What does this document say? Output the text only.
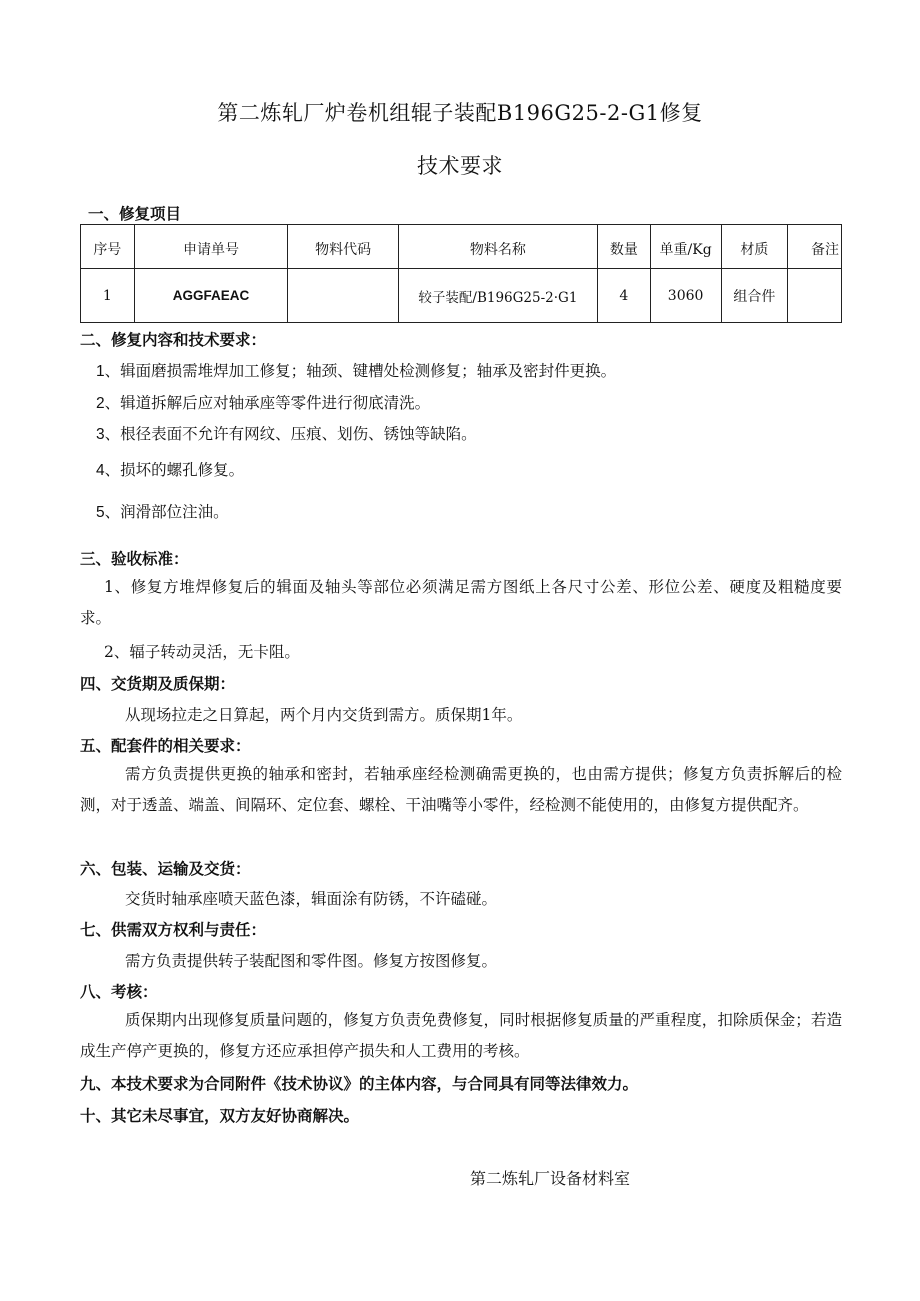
第二炼轧厂炉卷机组辊子装配B196G25-2-G1修复
技术要求
一、修复项目
序号	申请单号	物料代码	物料名称	数量	单重/Kg	材质	备注
1	AGGFAEAC		较子装配/B196G25-2·G1	4	3060	组合件	
二、修复内容和技术要求：
1、辑面磨损需堆焊加工修复；轴颈、键槽处检测修复；轴承及密封件更换。
2、辑道拆解后应对轴承座等零件进行彻底清洗。
3、根径表面不允许有网纹、压痕、划伤、锈蚀等缺陷。
4、损坏的螺孔修复。
5、润滑部位注油。
三、验收标准：
1、修复方堆焊修复后的辑面及轴头等部位必须满足需方图纸上各尺寸公差、形位公差、硬度及粗糙度要求。
2、辐子转动灵活，无卡阻。
四、交货期及质保期：
从现场拉走之日算起，两个月内交货到需方。质保期1年。
五、配套件的相关要求：
需方负责提供更换的轴承和密封，若轴承座经检测确需更换的，也由需方提供；修复方负责拆解后的检测，对于透盖、端盖、间隔环、定位套、螺栓、干油嘴等小零件，经检测不能使用的，由修复方提供配齐。
六、包装、运输及交货：
交货时轴承座喷天蓝色漆，辑面涂有防锈，不许磕碰。
七、供需双方权利与责任：
需方负责提供转子装配图和零件图。修复方按图修复。
八、考核：
质保期内出现修复质量问题的，修复方负责免费修复，同时根据修复质量的严重程度，扣除质保金；若造成生产停产更换的，修复方还应承担停产损失和人工费用的考核。
九、本技术要求为合同附件《技术协议》的主体内容，与合同具有同等法律效力。
十、其它未尽事宜，双方友好协商解决。
第二炼轧厂设备材料室
